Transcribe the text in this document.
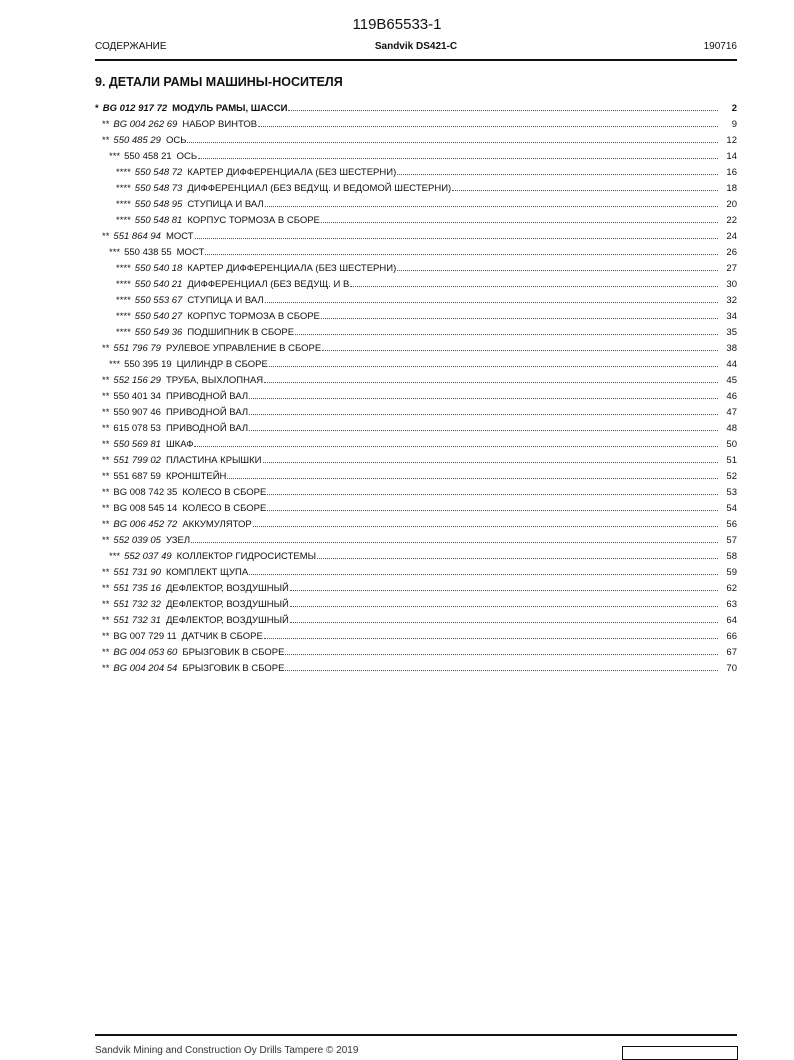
119B65533-1
СОДЕРЖАНИЕ	Sandvik DS421-C	190716
9. ДЕТАЛИ РАМЫ МАШИНЫ-НОСИТЕЛЯ
* BG 012 917 72 МОДУЛЬ РАМЫ, ШАССИ	2
** BG 004 262 69 НАБОР ВИНТОВ	9
** 550 485 29 ОСЬ	12
*** 550 458 21 ОСЬ	14
**** 550 548 72 КАРТЕР ДИФФЕРЕНЦИАЛА (БЕЗ ШЕСТЕРНИ)	16
**** 550 548 73 ДИФФЕРЕНЦИАЛ (БЕЗ ВЕДУЩ. И ВЕДОМОЙ ШЕСТЕРНИ)	18
**** 550 548 95 СТУПИЦА И ВАЛ	20
**** 550 548 81 КОРПУС ТОРМОЗА В СБОРЕ	22
** 551 864 94 МОСТ	24
*** 550 438 55 МОСТ	26
**** 550 540 18 КАРТЕР ДИФФЕРЕНЦИАЛА (БЕЗ ШЕСТЕРНИ)	27
**** 550 540 21 ДИФФЕРЕНЦИАЛ (БЕЗ ВЕДУЩ. И В	30
**** 550 553 67 СТУПИЦА И ВАЛ	32
**** 550 540 27 КОРПУС ТОРМОЗА В СБОРЕ	34
**** 550 549 36 ПОДШИПНИК В СБОРЕ	35
** 551 796 79 РУЛЕВОЕ УПРАВЛЕНИЕ В СБОРЕ	38
*** 550 395 19 ЦИЛИНДР В СБОРЕ	44
** 552 156 29 ТРУБА, ВЫХЛОПНАЯ	45
** 550 401 34 ПРИВОДНОЙ ВАЛ	46
** 550 907 46 ПРИВОДНОЙ ВАЛ	47
** 615 078 53 ПРИВОДНОЙ ВАЛ	48
** 550 569 81 ШКАФ	50
** 551 799 02 ПЛАСТИНА КРЫШКИ	51
** 551 687 59 КРОНШТЕЙН	52
** BG 008 742 35 КОЛЕСО В СБОРЕ	53
** BG 008 545 14 КОЛЕСО В СБОРЕ	54
** BG 006 452 72 АККУМУЛЯТОР	56
** 552 039 05 УЗЕЛ	57
*** 552 037 49 КОЛЛЕКТОР ГИДРОСИСТЕМЫ	58
** 551 731 90 КОМПЛЕКТ ЩУПА	59
** 551 735 16 ДЕФЛЕКТОР, ВОЗДУШНЫЙ	62
** 551 732 32 ДЕФЛЕКТОР, ВОЗДУШНЫЙ	63
** 551 732 31 ДЕФЛЕКТОР, ВОЗДУШНЫЙ	64
** BG 007 729 11 ДАТЧИК В СБОРЕ	66
** BG 004 053 60 БРЫЗГОВИК В СБОРЕ	67
** BG 004 204 54 БРЫЗГОВИК В СБОРЕ	70
Sandvik Mining and Construction Oy Drills Tampere © 2019
